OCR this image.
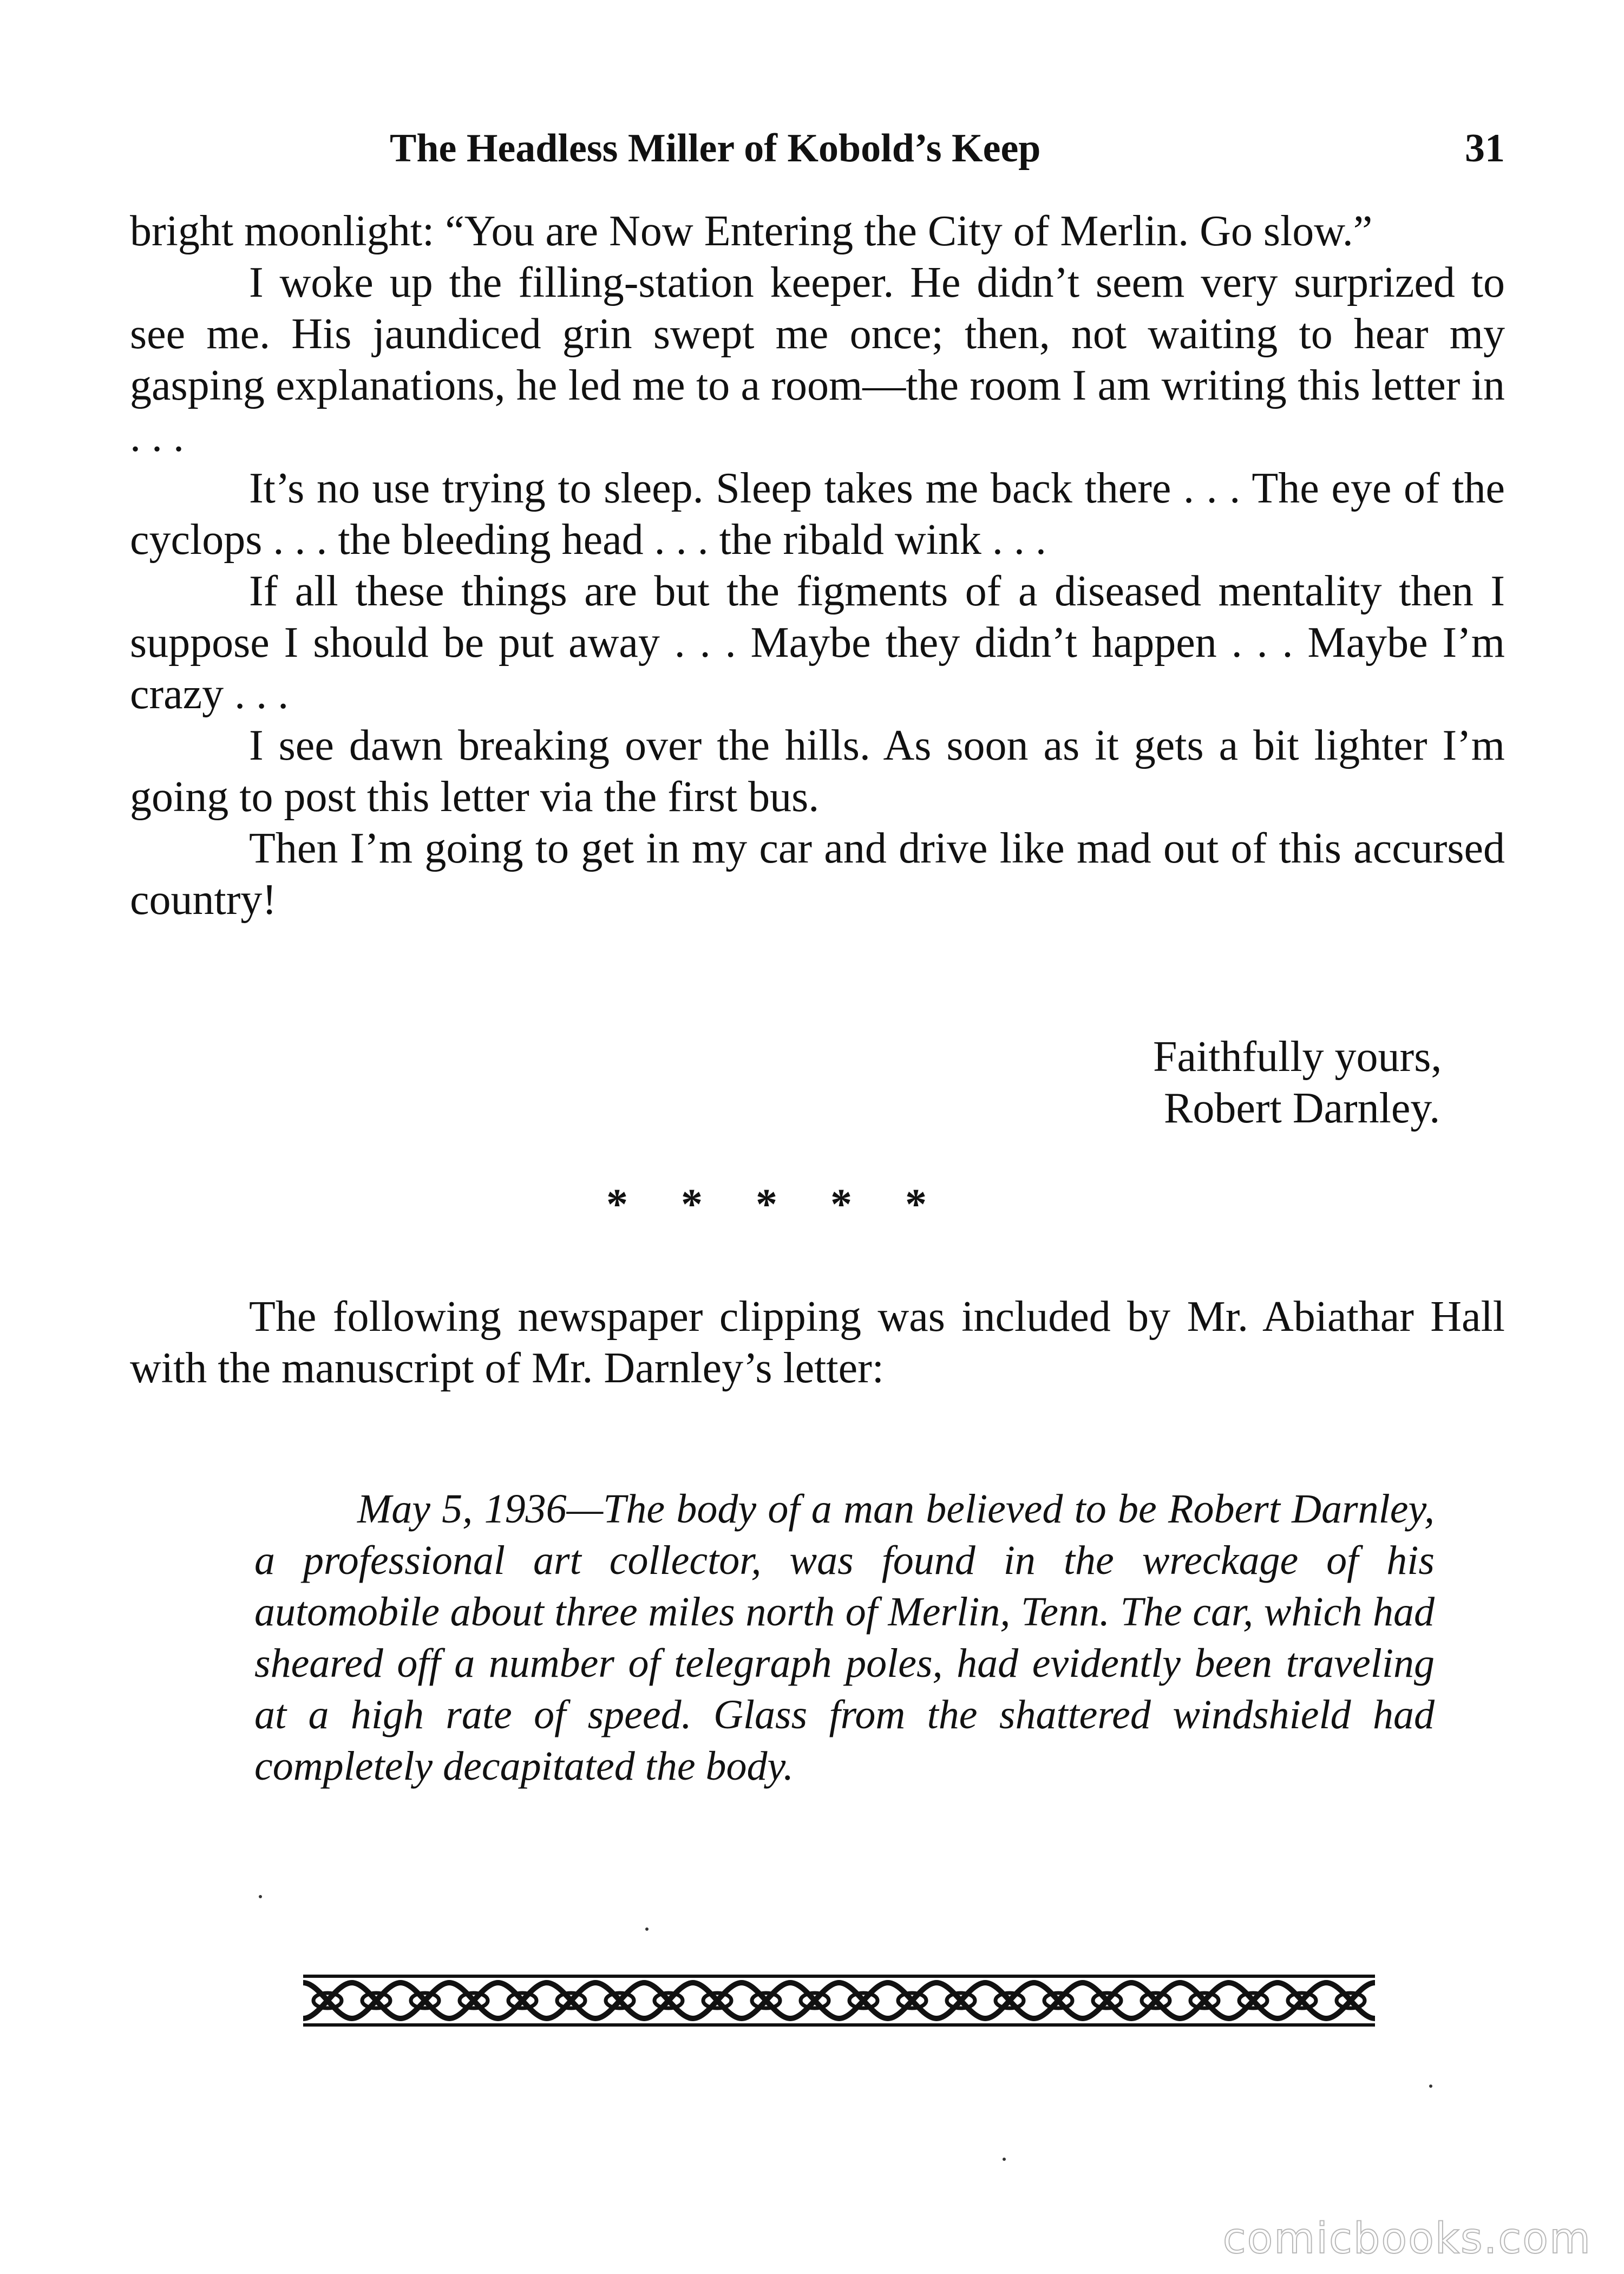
The Headless Miller of Kobold’s Keep	31

bright moonlight: “You are Now Entering the City of Merlin. Go slow.”

I woke up the filling-station keeper. He didn’t seem very surprized to see me. His jaundiced grin swept me once; then, not waiting to hear my gasping explanations, he led me to a room—the room I am writing this letter in . . .

It’s no use trying to sleep. Sleep takes me back there . . . The eye of the cyclops . . . the bleeding head . . . the ribald wink . . .

If all these things are but the figments of a diseased mentality then I suppose I should be put away . . . Maybe they didn’t happen . . . Maybe I’m crazy . . .

I see dawn breaking over the hills. As soon as it gets a bit lighter I’m going to post this letter via the first bus.

Then I’m going to get in my car and drive like mad out of this accursed country!

Faithfully yours,
Robert Darnley.
* * * * *

The following newspaper clipping was included by Mr. Abiathar Hall with the manuscript of Mr. Darnley’s letter:

May 5, 1936—The body of a man believed to be Robert Darnley, a professional art collector, was found in the wreckage of his automobile about three miles north of Merlin, Tenn. The car, which had sheared off a number of telegraph poles, had evidently been traveling at a high rate of speed. Glass from the shattered windshield had completely decapitated the body.

comicbooks.com
